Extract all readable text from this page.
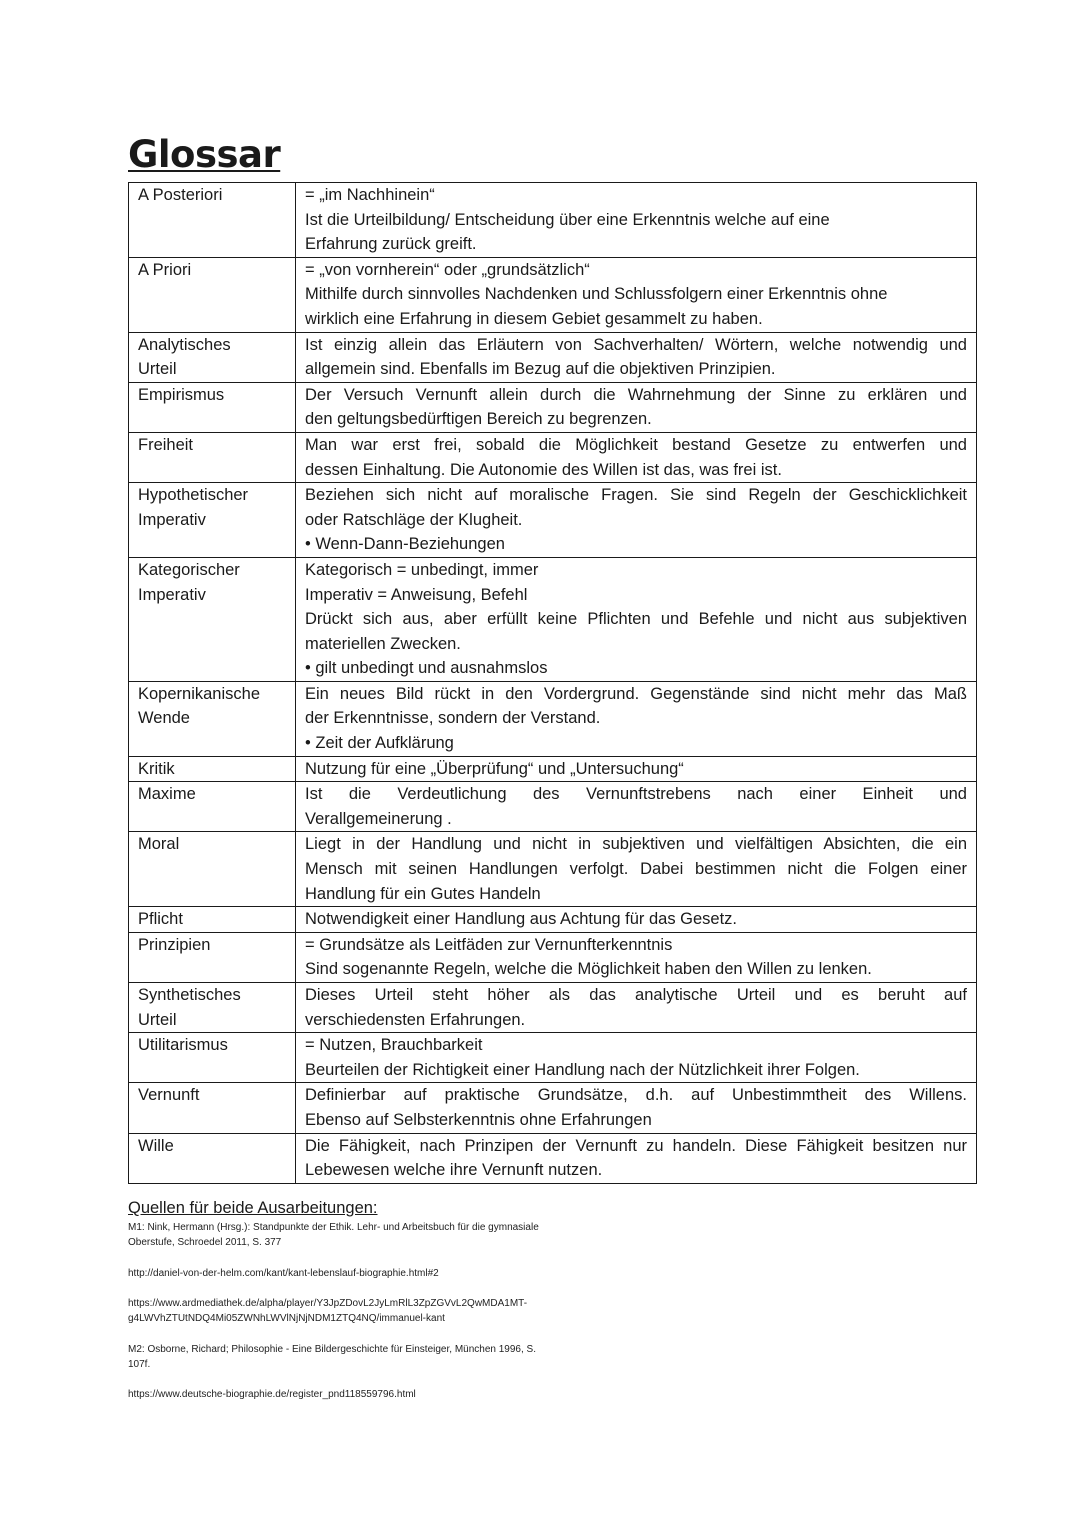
Glossar
A Posteriori	= „im Nachhinein“
Ist die Urteilbildung/ Entscheidung über eine Erkenntnis welche auf eine
Erfahrung zurück greift.

A Priori	= „von vornherein“ oder „grundsätzlich“
Mithilfe durch sinnvolles Nachdenken und Schlussfolgern einer Erkenntnis ohne
wirklich eine Erfahrung in diesem Gebiet gesammelt zu haben.

Analytisches
Urteil	Ist einzig allein das Erläutern von Sachverhalten/ Wörtern, welche notwendig und
allgemein sind. Ebenfalls im Bezug auf die objektiven Prinzipien.

Empirismus	Der Versuch Vernunft allein durch die Wahrnehmung der Sinne zu erklären und
den geltungsbedürftigen Bereich zu begrenzen.

Freiheit	Man war erst frei, sobald die Möglichkeit bestand Gesetze zu entwerfen und
dessen Einhaltung. Die Autonomie des Willen ist das, was frei ist.

Hypothetischer
Imperativ	Beziehen sich nicht auf moralische Fragen. Sie sind Regeln der Geschicklichkeit
oder Ratschläge der Klugheit.
• Wenn-Dann-Beziehungen

Kategorischer
Imperativ	Kategorisch = unbedingt, immer
Imperativ = Anweisung, Befehl
Drückt sich aus, aber erfüllt keine Pflichten und Befehle und nicht aus subjektiven
materiellen Zwecken.
• gilt unbedingt und ausnahmslos

Kopernikanische
Wende	Ein neues Bild rückt in den Vordergrund. Gegenstände sind nicht mehr das Maß
der Erkenntnisse, sondern der Verstand.
• Zeit der Aufklärung

Kritik	Nutzung für eine „Überprüfung“ und „Untersuchung“

Maxime	Ist die Verdeutlichung des Vernunftstrebens nach einer Einheit und
Verallgemeinerung .

Moral	Liegt in der Handlung und nicht in subjektiven und vielfältigen Absichten, die ein
Mensch mit seinen Handlungen verfolgt. Dabei bestimmen nicht die Folgen einer
Handlung für ein Gutes Handeln

Pflicht	Notwendigkeit einer Handlung aus Achtung für das Gesetz.

Prinzipien	= Grundsätze als Leitfäden zur Vernunfterkenntnis
Sind sogenannte Regeln, welche die Möglichkeit haben den Willen zu lenken.

Synthetisches
Urteil	Dieses Urteil steht höher als das analytische Urteil und es beruht auf
verschiedensten Erfahrungen.

Utilitarismus	= Nutzen, Brauchbarkeit
Beurteilen der Richtigkeit einer Handlung nach der Nützlichkeit ihrer Folgen.

Vernunft	Definierbar auf praktische Grundsätze, d.h. auf Unbestimmtheit des Willens.
Ebenso auf Selbsterkenntnis ohne Erfahrungen

Wille	Die Fähigkeit, nach Prinzipen der Vernunft zu handeln. Diese Fähigkeit besitzen nur
Lebewesen welche ihre Vernunft nutzen.
Quellen für beide Ausarbeitungen:
M1: Nink, Hermann (Hrsg.): Standpunkte der Ethik. Lehr- und Arbeitsbuch für die gymnasiale
Oberstufe, Schroedel 2011, S. 377
http://daniel-von-der-helm.com/kant/kant-lebenslauf-biographie.html#2
https://www.ardmediathek.de/alpha/player/Y3JpZDovL2JyLmRlL3ZpZGVvL2QwMDA1MT-
g4LWVhZTUtNDQ4Mi05ZWNhLWVlNjNjNDM1ZTQ4NQ/immanuel-kant
M2: Osborne, Richard; Philosophie - Eine Bildergeschichte für Einsteiger, München 1996, S.
107f.
https://www.deutsche-biographie.de/register_pnd118559796.html
